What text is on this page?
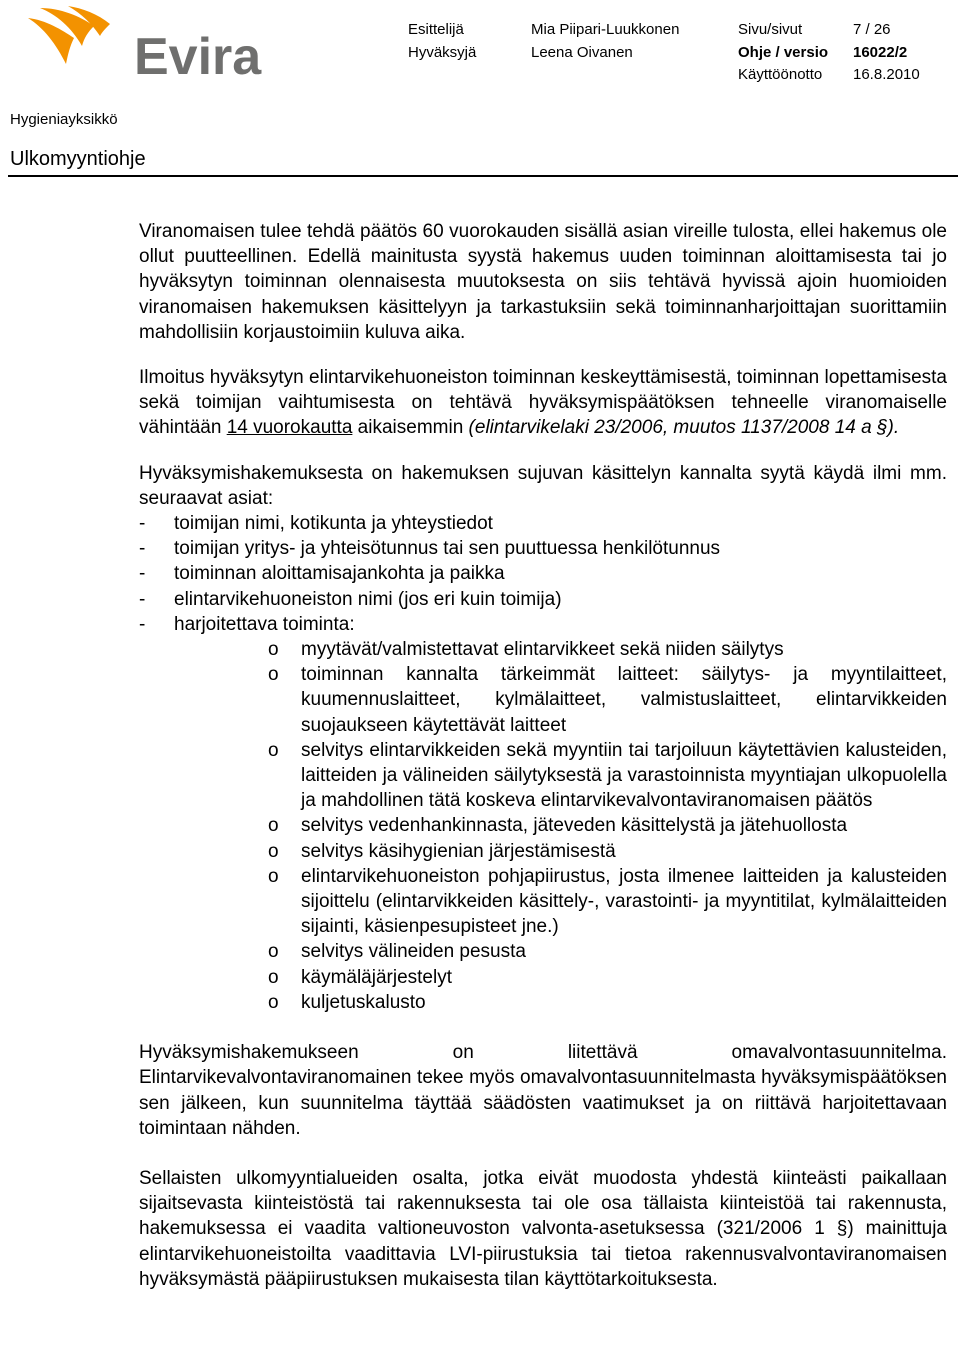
Evira	Esittelijä
Hyväksyjä
Mia Piipari-Luukkonen
Leena Oivanen
Sivu/sivut
Ohje / versio
Käyttöönotto
7 / 26
16022/2
16.8.2010
Hygieniayksikkö
Ulkomyyntiohje

Viranomaisen tulee tehdä päätös 60 vuorokauden sisällä asian vireille tulosta, ellei hakemus ole ollut puutteellinen. Edellä mainitusta syystä hakemus uuden toiminnan aloittamisesta tai jo hyväksytyn toiminnan olennaisesta muutoksesta on siis tehtävä hyvissä ajoin huomioiden viranomaisen hakemuksen käsittelyyn ja tarkastuksiin sekä toiminnanharjoittajan suorittamiin mahdollisiin korjaustoimiin kuluva aika.

Ilmoitus hyväksytyn elintarvikehuoneiston toiminnan keskeyttämisestä, toiminnan lopettamisesta sekä toimijan vaihtumisesta on tehtävä hyväksymispäätöksen tehneelle viranomaiselle vähintään 14 vuorokautta aikaisemmin (elintarvikelaki 23/2006, muutos 1137/2008 14 a §).

Hyväksymishakemuksesta on hakemuksen sujuvan käsittelyn kannalta syytä käydä ilmi mm. seuraavat asiat:

- toimijan nimi, kotikunta ja yhteystiedot
- toimijan yritys- ja yhteisötunnus tai sen puuttuessa henkilötunnus
- toiminnan aloittamisajankohta ja paikka
- elintarvikehuoneiston nimi (jos eri kuin toimija)
- harjoitettava toiminta:
o myytävät/valmistettavat elintarvikkeet sekä niiden säilytys
o toiminnan kannalta tärkeimmät laitteet: säilytys- ja myyntilaitteet, kuumennuslaitteet, kylmälaitteet, valmistuslaitteet, elintarvikkeiden suojaukseen käytettävät laitteet
o selvitys elintarvikkeiden sekä myyntiin tai tarjoiluun käytettävien kalusteiden, laitteiden ja välineiden säilytyksestä ja varastoinnista myyntiajan ulkopuolella ja mahdollinen tätä koskeva elintarvikevalvontaviranomaisen päätös
o selvitys vedenhankinnasta, jäteveden käsittelystä ja jätehuollosta
o selvitys käsihygienian järjestämisestä
o elintarvikehuoneiston pohjapiirustus, josta ilmenee laitteiden ja kalusteiden sijoittelu (elintarvikkeiden käsittely-, varastointi- ja myyntitilat, kylmälaitteiden sijainti, käsienpesupisteet jne.)
o selvitys välineiden pesusta
o käymäläjärjestelyt
o kuljetuskalusto

Hyväksymishakemukseen on liitettävä omavalvontasuunnitelma. Elintarvikevalvontaviranomainen tekee myös omavalvontasuunnitelmasta hyväksymispäätöksen sen jälkeen, kun suunnitelma täyttää säädösten vaatimukset ja on riittävä harjoitettavaan toimintaan nähden.

Sellaisten ulkomyyntialueiden osalta, jotka eivät muodosta yhdestä kiinteästi paikallaan sijaitsevasta kiinteistöstä tai rakennuksesta tai ole osa tällaista kiinteistöä tai rakennusta, hakemuksessa ei vaadita valtioneuvoston valvonta-asetuksessa (321/2006 1 §) mainittuja elintarvikehuoneistoilta vaadittavia LVI-piirustuksia tai tietoa rakennusvalvontaviranomaisen hyväksymästä pääpiirustuksen mukaisesta tilan käyttötarkoituksesta.
